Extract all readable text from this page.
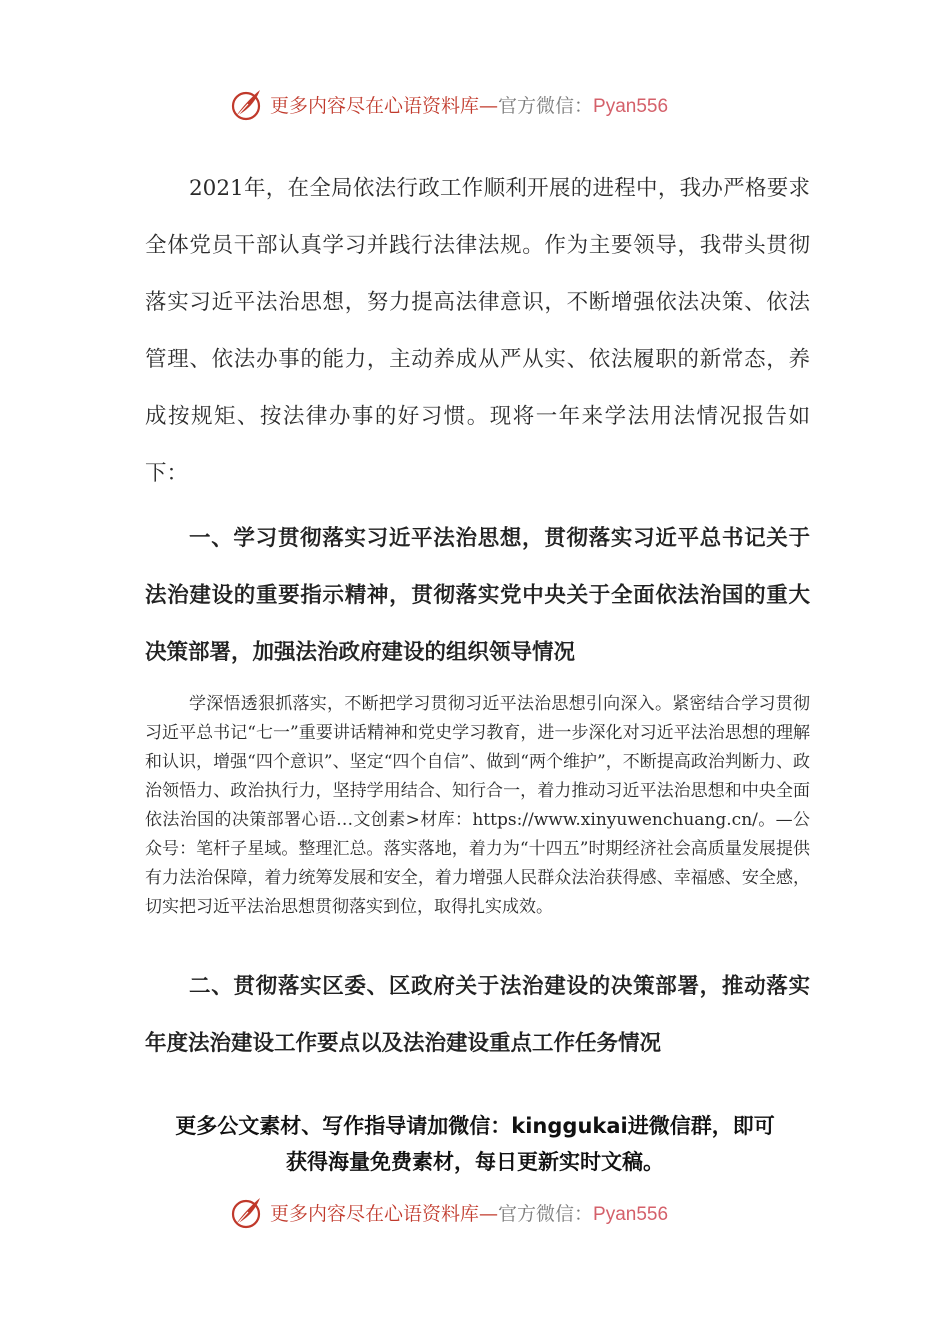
更多内容尽在心语资料库—官方微信：Pyan556

2021年，在全局依法行政工作顺利开展的进程中，我办严格要求全体党员干部认真学习并践行法律法规。作为主要领导，我带头贯彻落实习近平法治思想，努力提高法律意识，不断增强依法决策、依法管理、依法办事的能力，主动养成从严从实、依法履职的新常态，养成按规矩、按法律办事的好习惯。现将一年来学法用法情况报告如下：

一、学习贯彻落实习近平法治思想，贯彻落实习近平总书记关于法治建设的重要指示精神，贯彻落实党中央关于全面依法治国的重大决策部署，加强法治政府建设的组织领导情况

学深悟透狠抓落实，不断把学习贯彻习近平法治思想引向深入。紧密结合学习贯彻习近平总书记“七一”重要讲话精神和党史学习教育，进一步深化对习近平法治思想的理解和认识，增强“四个意识”、坚定“四个自信”、做到“两个维护”，不断提高政治判断力、政治领悟力、政治执行力，坚持学用结合、知行合一，着力推动习近平法治思想和中央全面依法治国的决策部署心语…文创素>材库：https://www.xinyuwenchuang.cn/。—公众号：笔杆子星域。整理汇总。落实落地，着力为“十四五”时期经济社会高质量发展提供有力法治保障，着力统筹发展和安全，着力增强人民群众法治获得感、幸福感、安全感，切实把习近平法治思想贯彻落实到位，取得扎实成效。

二、贯彻落实区委、区政府关于法治建设的决策部署，推动落实年度法治建设工作要点以及法治建设重点工作任务情况

更多公文素材、写作指导请加微信：kinggukai进微信群，即可
获得海量免费素材，每日更新实时文稿。
更多内容尽在心语资料库—官方微信：Pyan556
